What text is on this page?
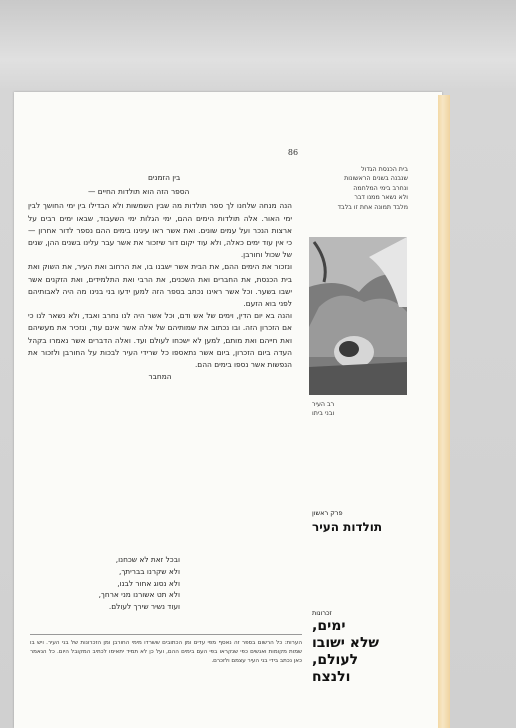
86

בין הזמנים

הספר הזה הוא תולדות החיים —

הנה מנחה שלחנו לך ספר תולדות מה שבין השמשות ולא הבדילו בין ימי החושך לבין ימי האור. אלה תולדות הימים ההם, ימי הגלות ימי השעבוד, שבאו ימים רבים על ארצות הנכר ועל עמים שונים. ואת אשר ראו עינינו בימים ההם נספר לדור אחרון — כי אין עוד ימים כאלה, ולא עוד יקום דור שיזכור את אשר עבר עלינו בשנים ההן, שנים של שכול וחורבן.

ונזכור את הימים ההם, את הבית אשר ישבנו בו, את הרחוב ואת העיר, את השוק ואת בית הכנסת, את החברים ואת השכנים, את הרבי ואת התלמידים, ואת הזקנים אשר ישבו בשער. וכל אשר ראינו נכתב בספר הזה למען ידעו בני בנינו מה היה לאבותיהם לפני בוא הזעם.

והנה בא יום הדין, וימים של אש ודם, וכל אשר היה לנו נחרב ואבד, ולא נשאר לנו כי אם הזכרון הזה. ובו נכתוב את שמותיהם של אלה אשר אינם עוד, ונזכיר את מעשיהם ואת חייהם ואת מותם, למען לא ישכחו לעולם ועד. ואלה הדברים אשר נאמרו בקהל העדה ביום הזכרון, ביום אשר נתאספו כל שרידי העיר לבכות על החורבן ולזכור את הנפשות אשר נספו בימים ההם.

המחבר

ובכל זאת לא שכחנו,
ולא שקרנו בבריתך,
ולא נסוג אחור לבנו,
ולא תט אשורנו מני ארחך,
ועוד נשיר שירך לעולם.
הערות: כל הרשום בספר זה נאסף מפי עדים ומן הכתובים ששרדו מימי החורבן ומן הזכרונות של בני העיר. ויש בו שמות מקומות ואנשים כפי שנקראו בפי העם בימים ההם, ועל כן לא תמיד יתאימו לכתיב המקובל היום. כל הנאמר כאן נכתב בידי בני העיר עצמם ולזכרם.
בית הכנסת הגדול
שנבנה בשנים הראשונות
ונחרב בימי המלחמה
ולא נשאר ממנו דבר
מלבד תמונה אחת זו בלבד
רב העיר
ובני ביתו
פרק ראשון
תולדות העיר
זכרונות
ימים,
שלא ישובו
לעולם,
ולנצח
